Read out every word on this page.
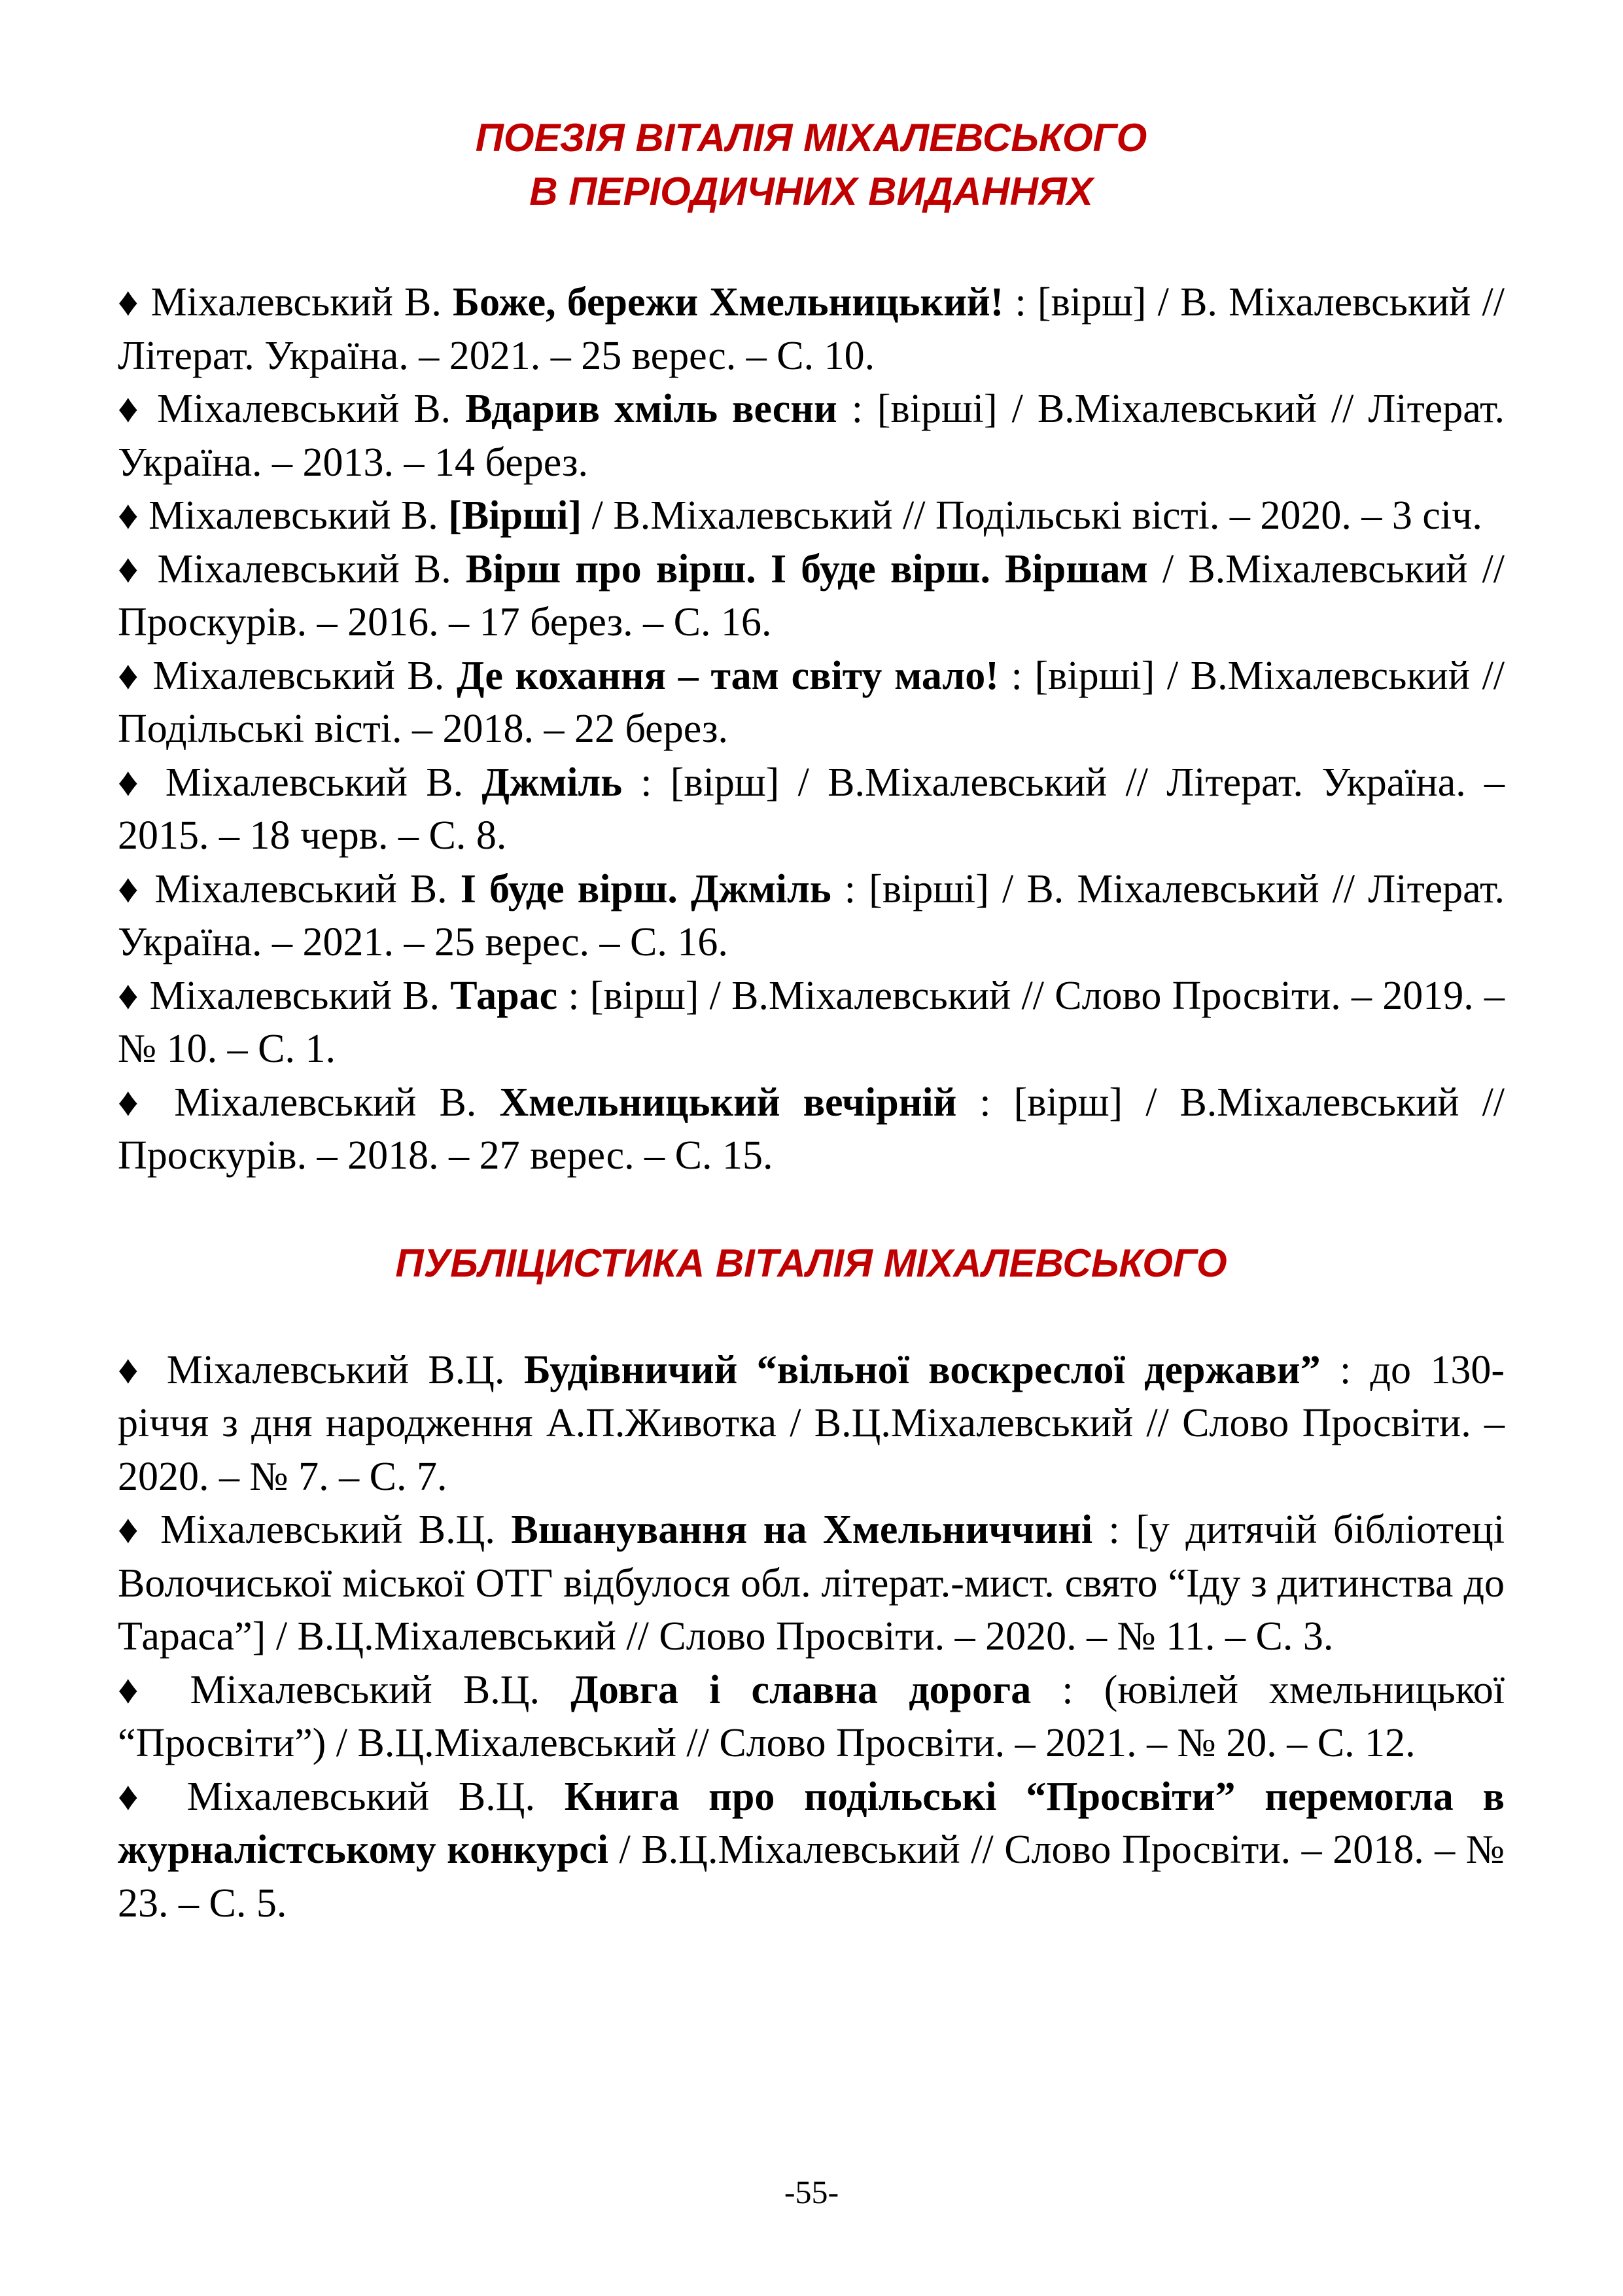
ПОЕЗІЯ ВІТАЛІЯ МІХАЛЕВСЬКОГО
В ПЕРІОДИЧНИХ ВИДАННЯХ

♦ Міхалевський В. Боже, бережи Хмельницький! : [вірш] / В. Міхалевський // Літерат. Україна. – 2021. – 25 верес. – С. 10.

♦ Міхалевський В. Вдарив хміль весни : [вірші] / В.Міхалевський // Літерат. Україна. – 2013. – 14 берез.

♦ Міхалевський В. [Вірші] / В.Міхалевський // Подільські вісті. – 2020. – 3 січ.

♦ Міхалевський В. Вірш про вірш. І буде вірш. Віршам / В.Міхалевський // Проскурів. – 2016. – 17 берез. – С. 16.

♦ Міхалевський В. Де кохання – там світу мало! : [вірші] / В.Міхалевський // Подільські вісті. – 2018. – 22 берез.

♦ Міхалевський В. Джміль : [вірш] / В.Міхалевський // Літерат. Україна. – 2015. – 18 черв. – С. 8.

♦ Міхалевський В. І буде вірш. Джміль : [вірші] / В. Міхалевський // Літерат. Україна. – 2021. – 25 верес. – С. 16.

♦ Міхалевський В. Тарас : [вірш] / В.Міхалевський // Слово Просвіти. – 2019. – № 10. – С. 1.

♦ Міхалевський В. Хмельницький вечірній : [вірш] / В.Міхалевський // Проскурів. – 2018. – 27 верес. – С. 15.

ПУБЛІЦИСТИКА ВІТАЛІЯ МІХАЛЕВСЬКОГО

♦ Міхалевський В.Ц. Будівничий “вільної воскреслої держави” : до 130-річчя з дня народження А.П.Животка / В.Ц.Міхалевський // Слово Просвіти. – 2020. – № 7. – С. 7.

♦ Міхалевський В.Ц. Вшанування на Хмельниччині : [у дитячій бібліотеці Волочиської міської ОТГ відбулося обл. літерат.-мист. свято “Іду з дитинства до Тараса”] / В.Ц.Міхалевський // Слово Просвіти. – 2020. – № 11. – С. 3.

♦ Міхалевський В.Ц. Довга і славна дорога : (ювілей хмельницької “Просвіти”) / В.Ц.Міхалевський // Слово Просвіти. – 2021. – № 20. – С. 12.

♦ Міхалевський В.Ц. Книга про подільські “Просвіти” перемогла в журналістському конкурсі / В.Ц.Міхалевський // Слово Просвіти. – 2018. – № 23. – С. 5.

-55-
